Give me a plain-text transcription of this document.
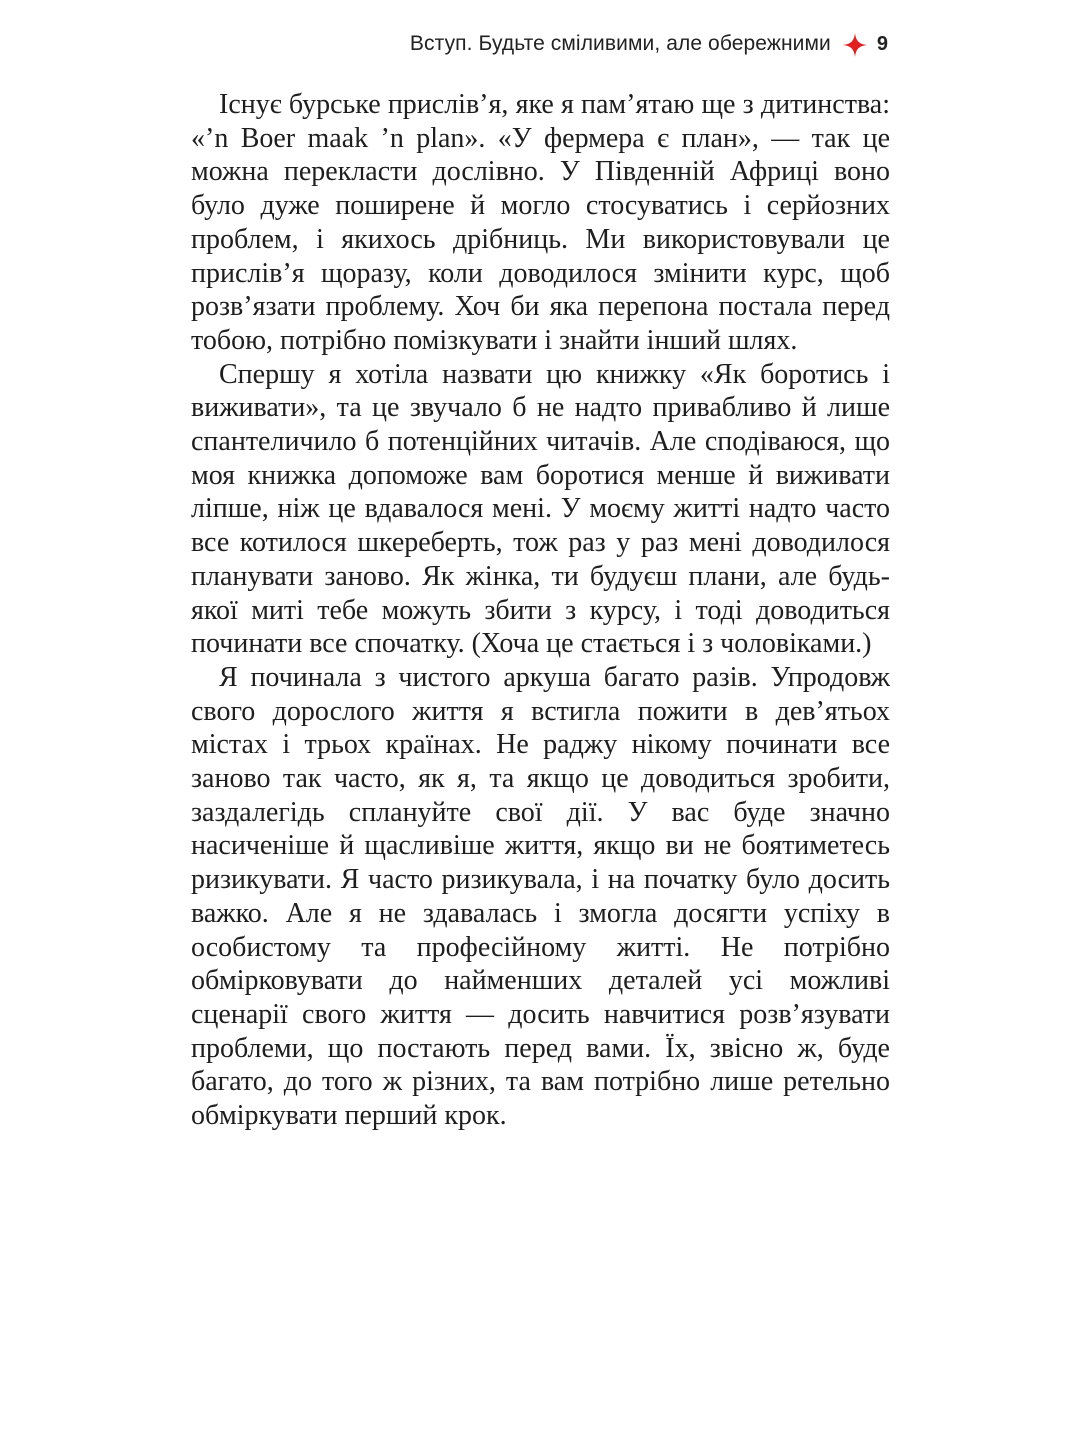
Вступ. Будьте сміливими, але обережними 9

Існує бурське прислів’я, яке я пам’ятаю ще з дитинства: «’n Boer maak ’n plan». «У фермера є план», — так це можна перекласти дослівно. У Південній Африці воно було дуже поширене й могло стосуватись і серйозних проблем, і якихось дрібниць. Ми використовували це прислів’я щоразу, коли доводилося змінити курс, щоб розв’язати проблему. Хоч би яка перепона постала перед тобою, потрібно помізкувати і знайти інший шлях.

Спершу я хотіла назвати цю книжку «Як боротись і виживати», та це звучало б не надто привабливо й лише спантеличило б потенційних читачів. Але сподіваюся, що моя книжка допоможе вам боротися менше й виживати ліпше, ніж це вдавалося мені. У моєму житті надто часто все котилося шкереберть, тож раз у раз мені доводилося планувати заново. Як жінка, ти будуєш плани, але будь-якої миті тебе можуть збити з курсу, і тоді доводиться починати все спочатку. (Хоча це стається і з чоловіками.)

Я починала з чистого аркуша багато разів. Упродовж свого дорослого життя я встигла пожити в дев’ятьох містах і трьох країнах. Не раджу нікому починати все заново так часто, як я, та якщо це доводиться зробити, заздалегідь сплануйте свої дії. У вас буде значно насиченіше й щасливіше життя, якщо ви не боятиметесь ризикувати. Я часто ризикувала, і на початку було досить важко. Але я не здавалась і змогла досягти успіху в особистому та професійному житті. Не потрібно обмірковувати до найменших деталей усі можливі сценарії свого життя — досить навчитися розв’язувати проблеми, що постають перед вами. Їх, звісно ж, буде багато, до того ж різних, та вам потрібно лише ретельно обміркувати перший крок.
